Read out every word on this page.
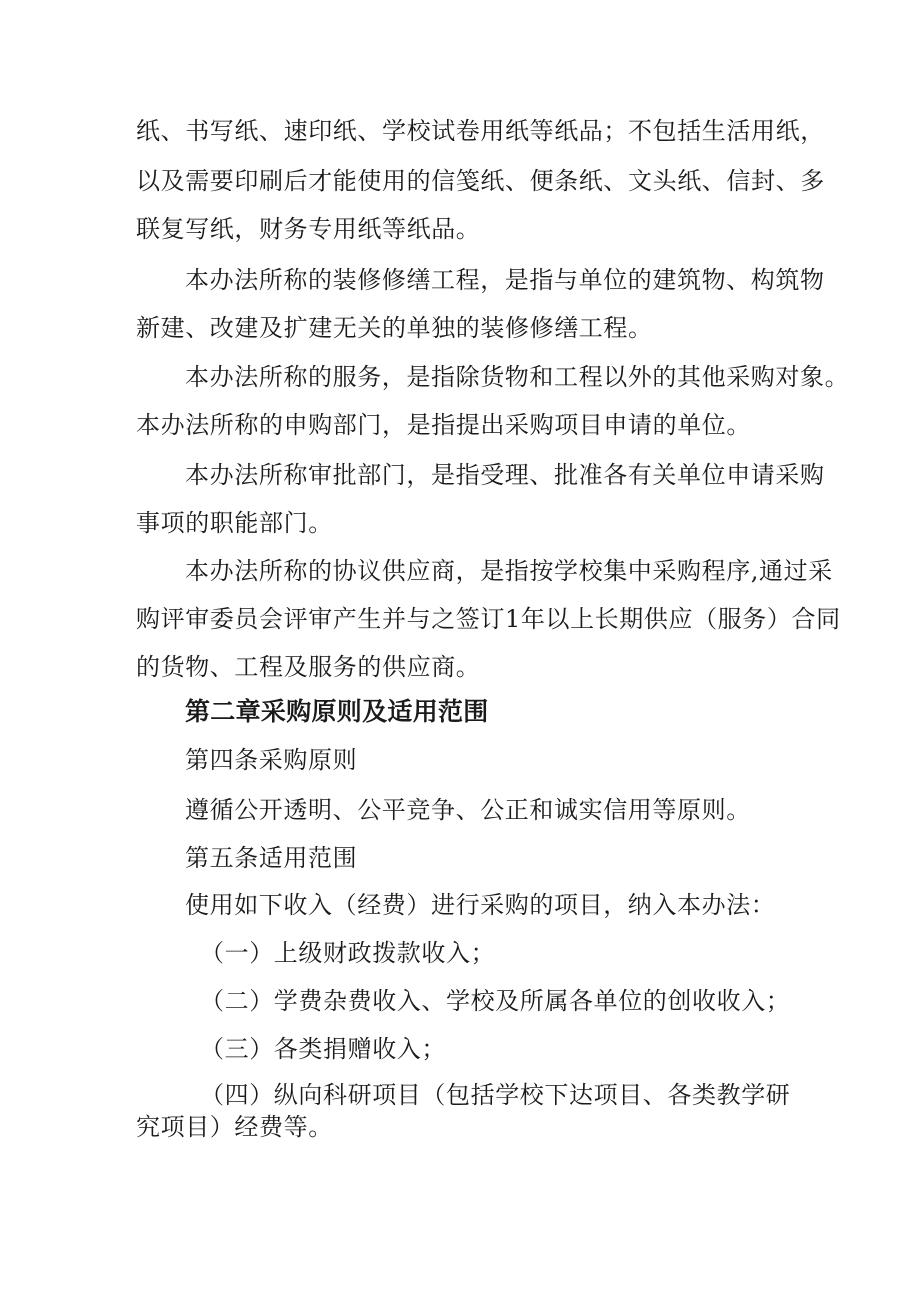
纸、书写纸、速印纸、学校试卷用纸等纸品；不包括生活用纸，
以及需要印刷后才能使用的信笺纸、便条纸、文头纸、信封、多
联复写纸，财务专用纸等纸品。
本办法所称的装修修缮工程，是指与单位的建筑物、构筑物
新建、改建及扩建无关的单独的装修修缮工程。
本办法所称的服务，是指除货物和工程以外的其他采购对象。
本办法所称的申购部门，是指提出采购项目申请的单位。
本办法所称审批部门，是指受理、批准各有关单位申请采购
事项的职能部门。
本办法所称的协议供应商，是指按学校集中采购程序,通过采
购评审委员会评审产生并与之签订1年以上长期供应（服务）合同
的货物、工程及服务的供应商。
第二章采购原则及适用范围
第四条采购原则
遵循公开透明、公平竞争、公正和诚实信用等原则。
第五条适用范围
使用如下收入（经费）进行采购的项目，纳入本办法：
（一）上级财政拨款收入；
（二）学费杂费收入、学校及所属各单位的创收收入；
（三）各类捐赠收入；
（四）纵向科研项目（包括学校下达项目、各类教学研
究项目）经费等。
